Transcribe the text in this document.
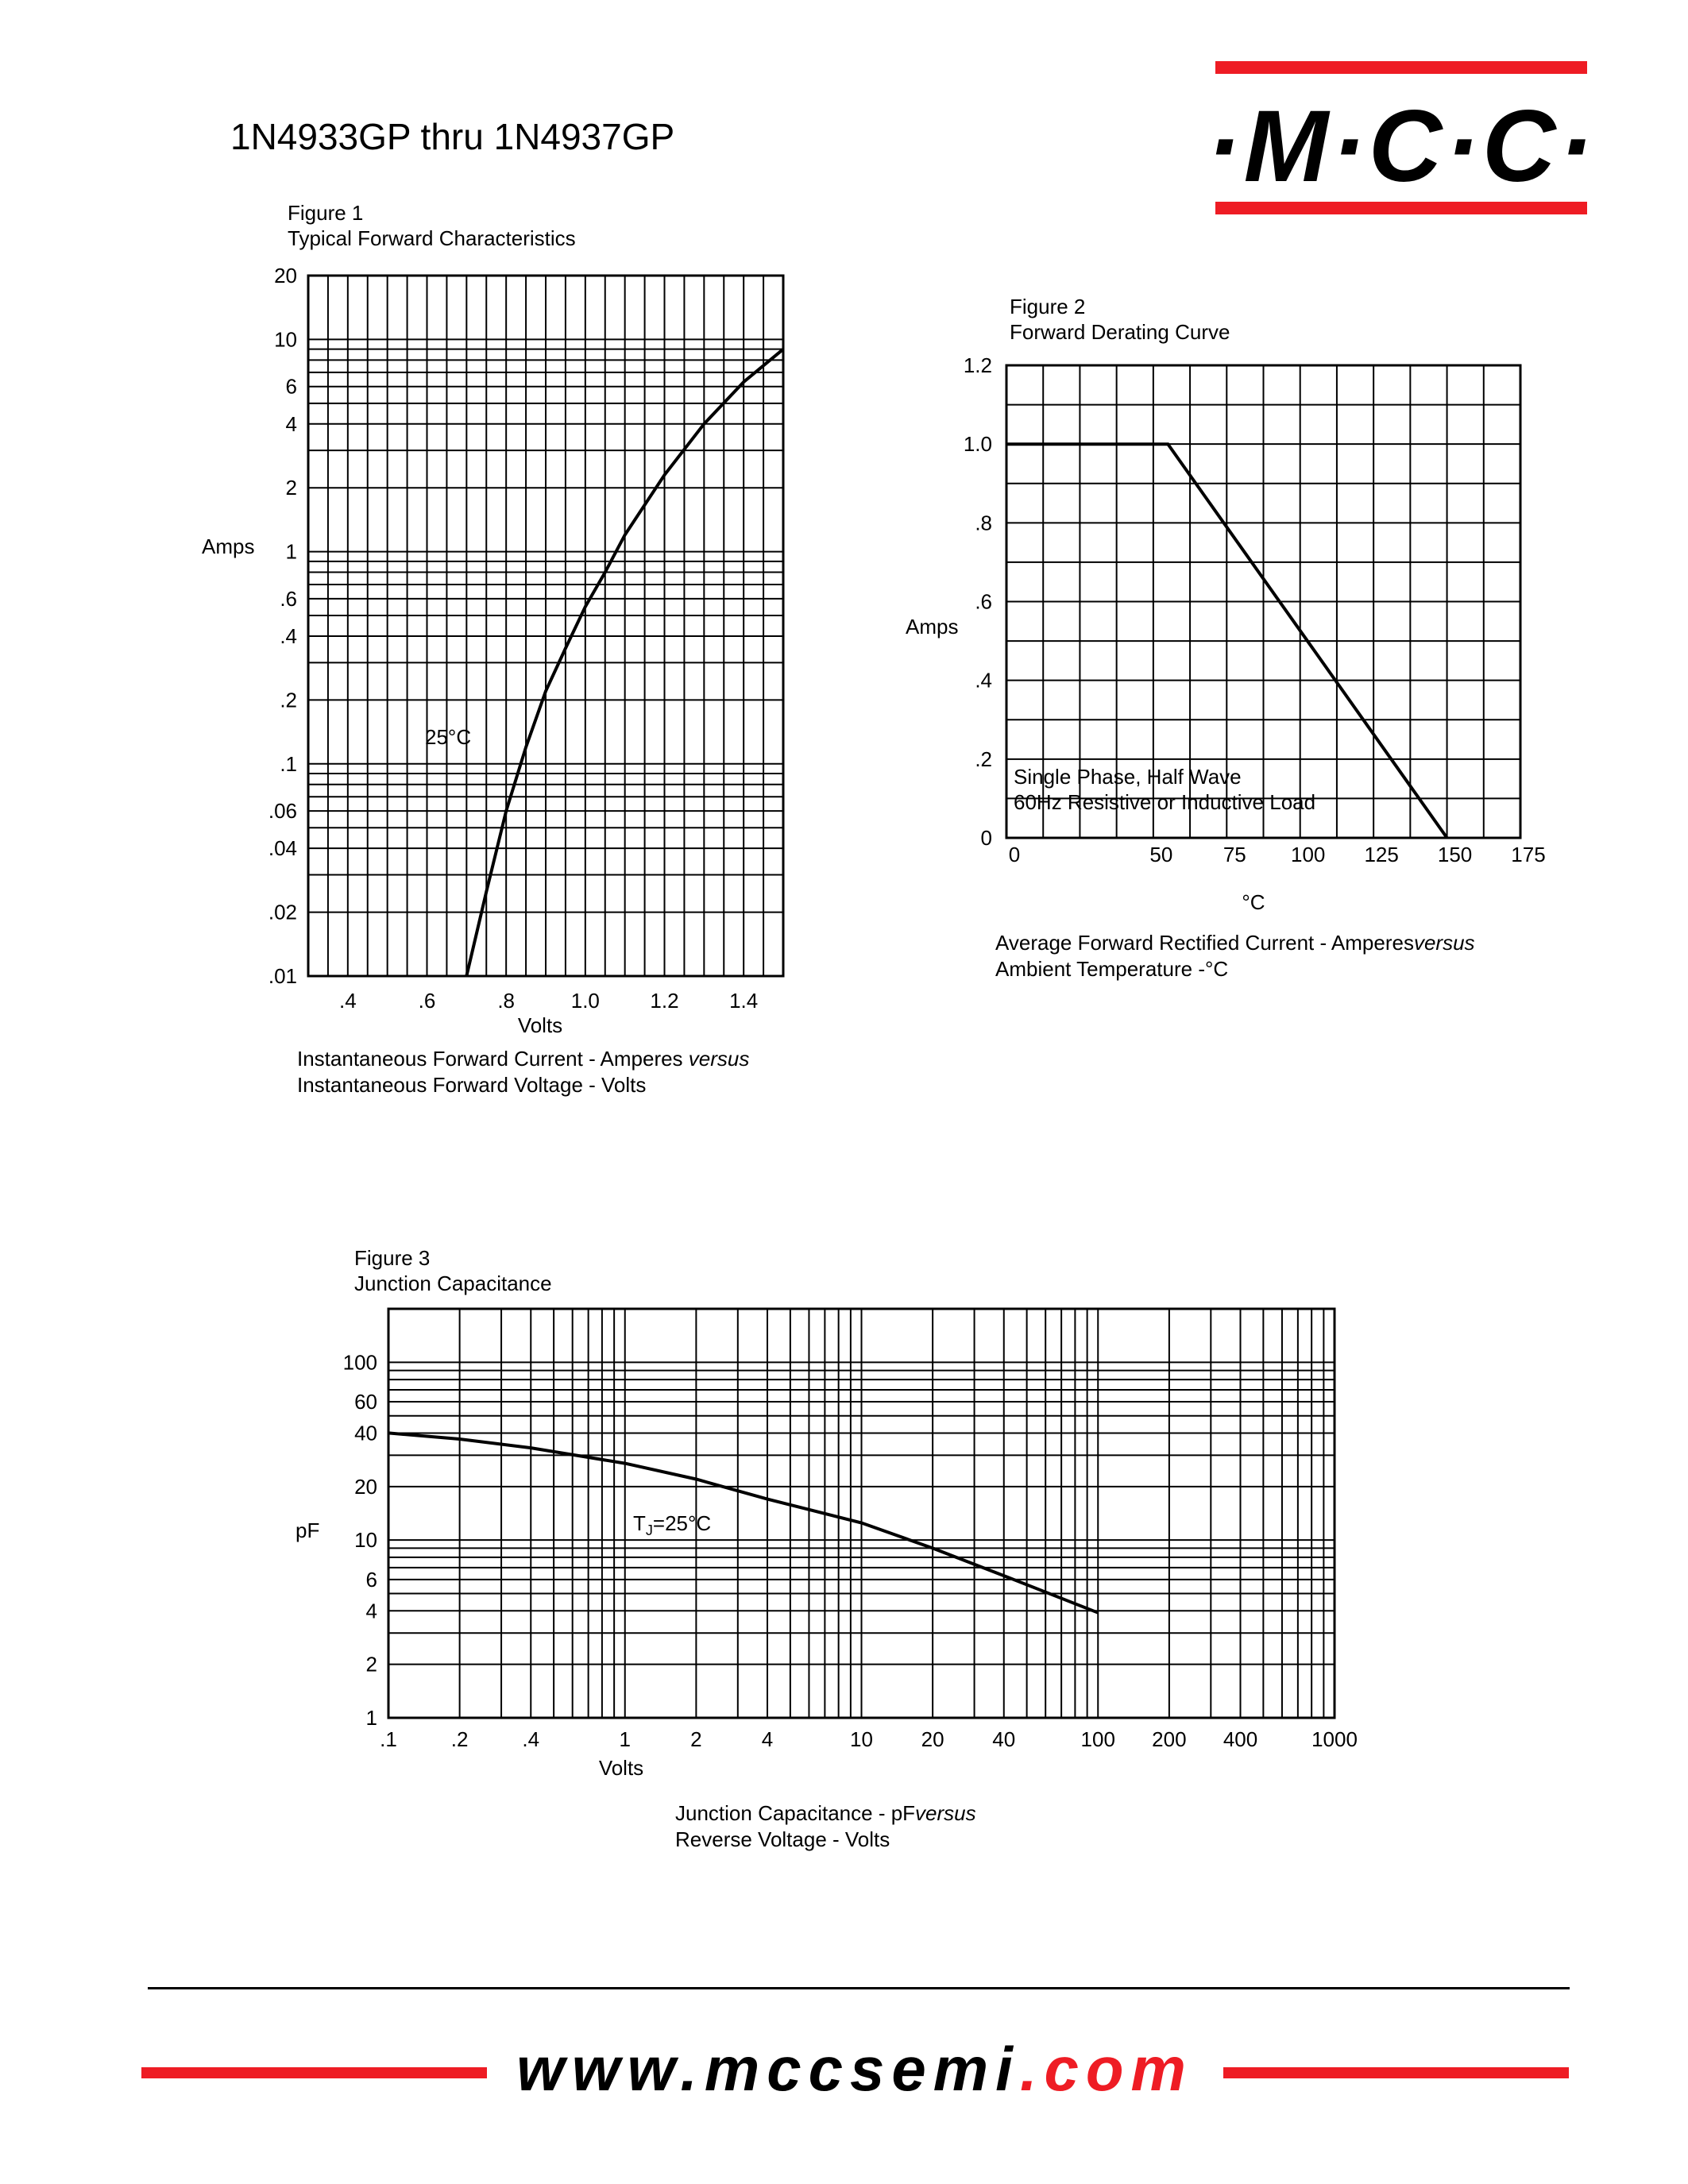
1N4933GP thru 1N4937GP	·M·C·C·
.4	.6	.8	1.0 1.2 1.4
.01
.02
.04
.06
.1
.2
.4
.6
1
2
4
6
10
20
Figure 1
Typical Forward Characteristics
Volts
Amps
25°C
Instantaneous Forward Current - Amperes versus
Instantaneous Forward Voltage - Volts
0	50 75 100 125 150 175
0
.2
.4
.6
.8
1.0
1.2
Figure 2
Forward Derating Curve
°C
Amps
Single Phase, Half Wave
60Hz Resistive or Inductive Load
Average Forward Rectified Current - Amperesversus
Ambient Temperature -°C
.1	.2	.4	1	2	4	10 20 40	100 200 400	1000
1
2
4
6
10
20
40
60
100
Figure 3
Junction Capacitance
Volts
pF	$T_J=25^\circ C$
Junction Capacitance - pFversus
Reverse Voltage - Volts
www.mccsemi.com
